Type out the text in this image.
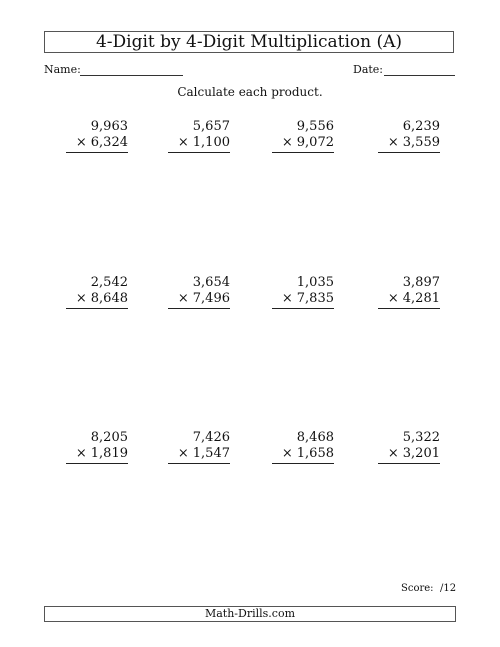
4-Digit by 4-Digit Multiplication (A)
Name:	Date:
Calculate each product.
9,963
× 6,324
5,657
× 1,100
9,556
× 9,072
6,239
× 3,559
2,542
× 8,648
3,654
× 7,496
1,035
× 7,835
3,897
× 4,281
8,205
× 1,819
7,426
× 1,547
8,468
× 1,658
5,322
× 3,201
Score: /12
Math-Drills.com
